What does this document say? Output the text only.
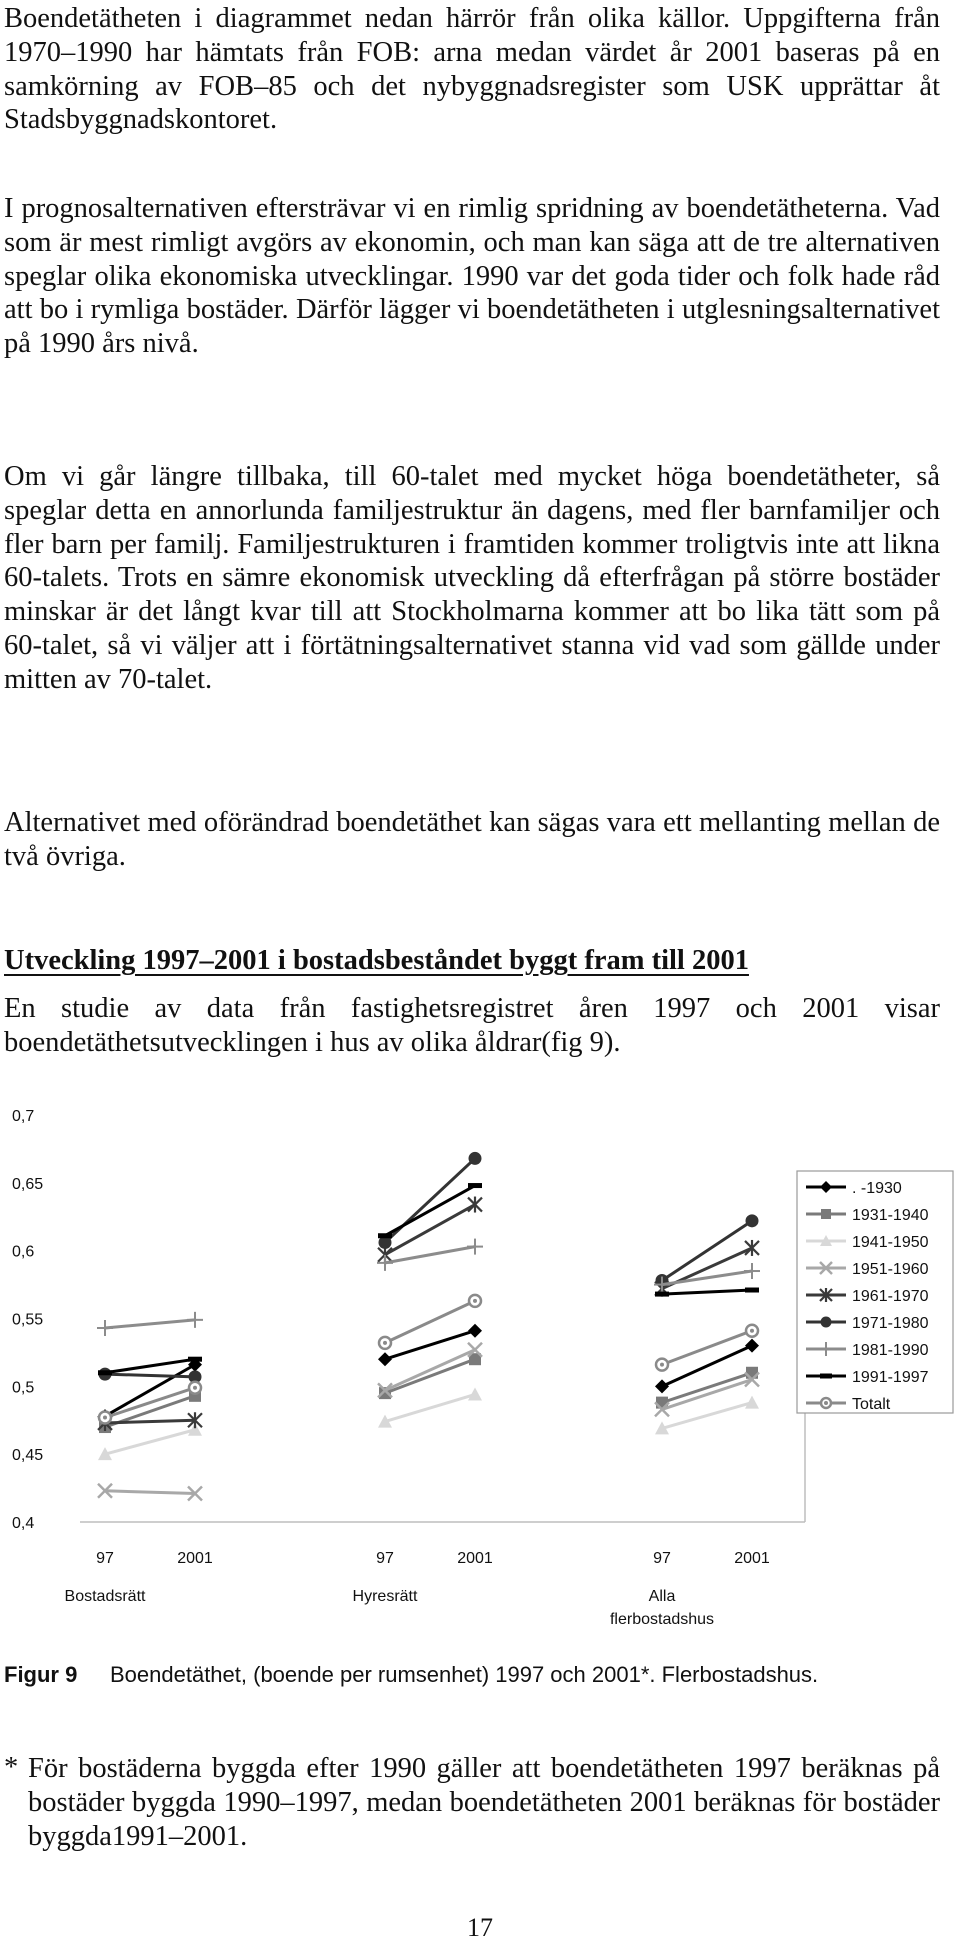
Boendetätheten i diagrammet nedan härrör från olika källor. Uppgifterna från 1970–1990 har hämtats från FOB: arna medan värdet år 2001 baseras på en samkörning av FOB–85 och det nybyggnadsregister som USK upprättar åt Stadsbyggnadskontoret.

I prognosalternativen eftersträvar vi en rimlig spridning av boendetätheterna. Vad som är mest rimligt avgörs av ekonomin, och man kan säga att de tre alternativen speglar olika ekonomiska utvecklingar. 1990 var det goda tider och folk hade råd att bo i rymliga bostäder. Därför lägger vi boendetätheten i utglesningsalternativet på 1990 års nivå.

Om vi går längre tillbaka, till 60-talet med mycket höga boendetätheter, så speglar detta en annorlunda familjestruktur än dagens, med fler barnfamiljer och fler barn per familj. Familjestrukturen i framtiden kommer troligtvis inte att likna 60-talets. Trots en sämre ekonomisk utveckling då efterfrågan på större bostäder minskar är det långt kvar till att Stockholmarna kommer att bo lika tätt som på 60-talet, så vi väljer att i förtätningsalternativet stanna vid vad som gällde under mitten av 70-talet.

Alternativet med oförändrad boendetäthet kan sägas vara ett mellanting mellan de två övriga.

Utveckling 1997–2001 i bostadsbeståndet byggt fram till 2001

En studie av data från fastighetsregistret åren 1997 och 2001 visar boendetäthetsutvecklingen i hus av olika åldrar(fig 9).

0,7
0,65
0,6
0,55
0,5
0,45
0,4
97	2001
Bostadsrätt
97	2001
Hyresrätt
97	2001
Alla
flerbostadshus
. -1930
1931-1940
1941-1950
1951-1960
1961-1970
1971-1980
1981-1990
1991-1997
Totalt
Figur 9 Boendetäthet, (boende per rumsenhet) 1997 och 2001*. Flerbostadshus.
* För bostäderna byggda efter 1990 gäller att boendetätheten 1997 beräknas på bostäder byggda 1990–1997, medan boendetätheten 2001 beräknas för bostäder byggda1991–2001.
17
